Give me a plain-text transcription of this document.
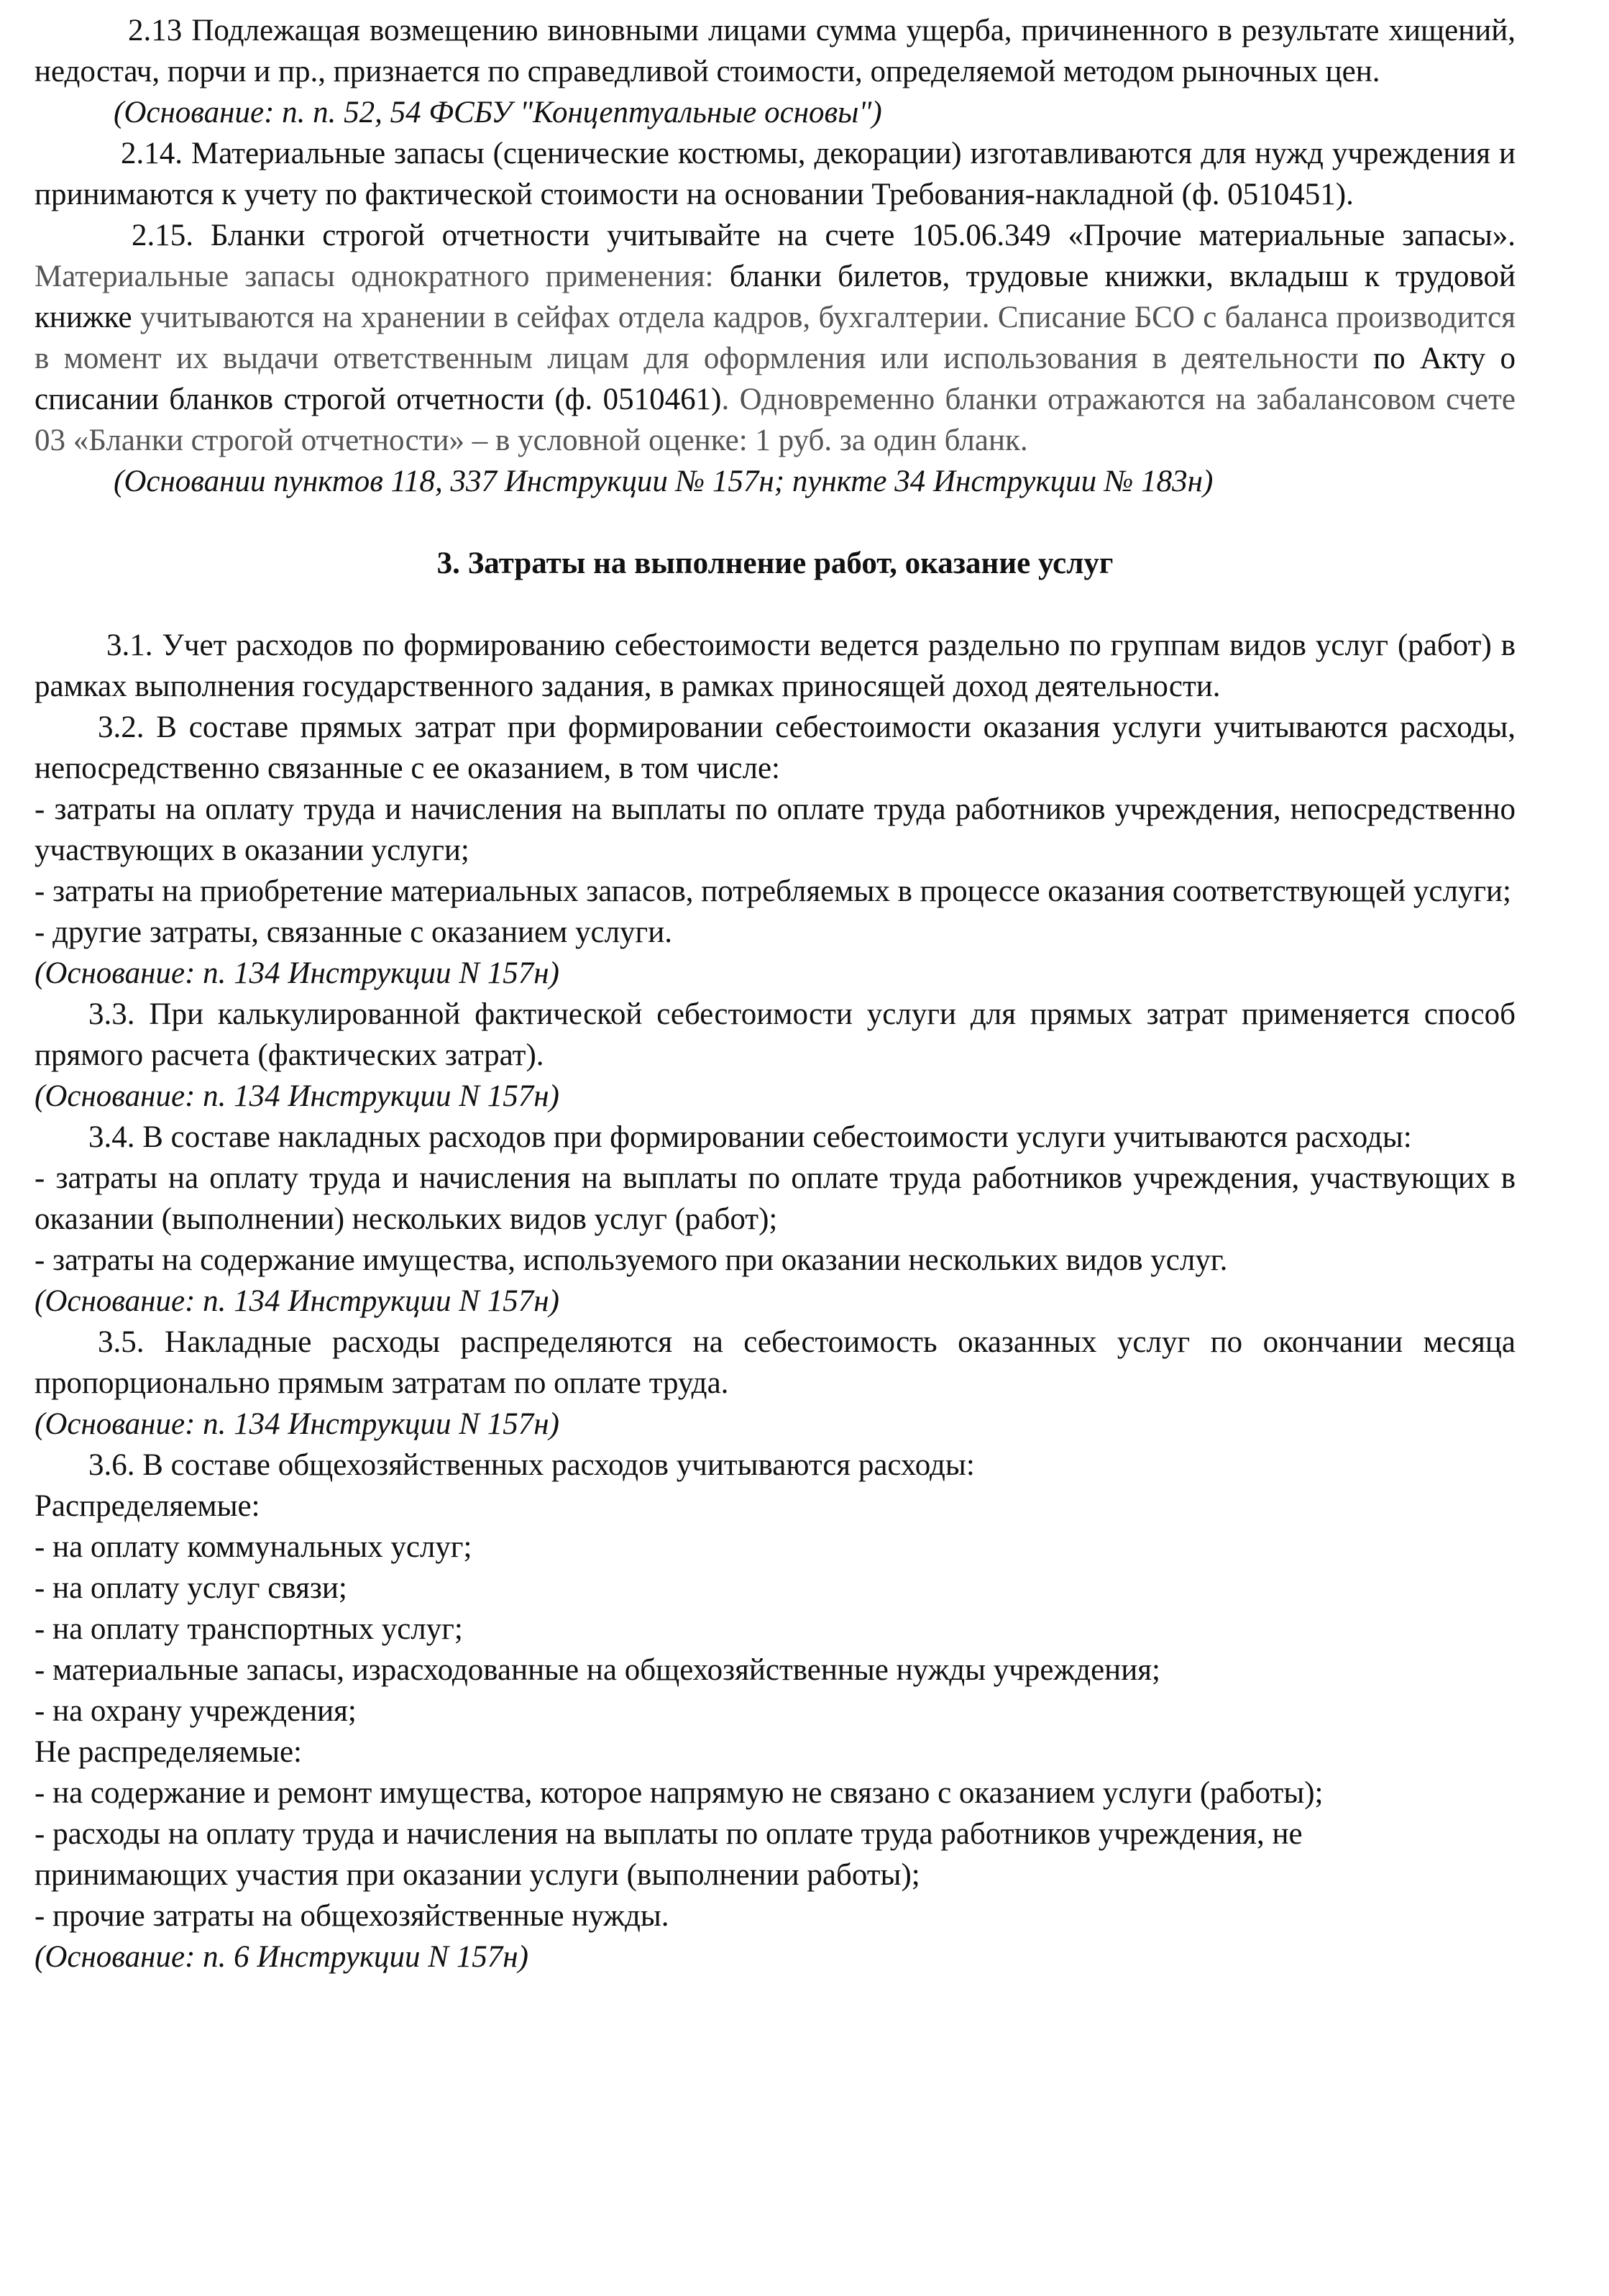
2.13 Подлежащая возмещению виновными лицами сумма ущерба, причиненного в результате хищений, недостач, порчи и пр., признается по справедливой стоимости, определяемой методом рыночных цен.

(Основание: п. п. 52, 54 ФСБУ "Концептуальные основы")

2.14. Материальные запасы (сценические костюмы, декорации) изготавливаются для нужд учреждения и принимаются к учету по фактической стоимости на основании Требования-накладной (ф. 0510451).

2.15. Бланки строгой отчетности учитывайте на счете 105.06.349 «Прочие материальные запасы». Материальные запасы однократного применения: бланки билетов, трудовые книжки, вкладыш к трудовой книжке учитываются на хранении в сейфах отдела кадров, бухгалтерии. Списание БСО с баланса производится в момент их выдачи ответственным лицам для оформления или использования в деятельности по Акту о списании бланков строгой отчетности (ф. 0510461). Одновременно бланки отражаются на забалансовом счете 03 «Бланки строгой отчетности» – в условной оценке: 1 руб. за один бланк.

(Основании пунктов 118, 337 Инструкции № 157н; пункте 34 Инструкции № 183н)

3. Затраты на выполнение работ, оказание услуг

3.1. Учет расходов по формированию себестоимости ведется раздельно по группам видов услуг (работ) в рамках выполнения государственного задания, в рамках приносящей доход деятельности.

3.2. В составе прямых затрат при формировании себестоимости оказания услуги учитываются расходы, непосредственно связанные с ее оказанием, в том числе:

- затраты на оплату труда и начисления на выплаты по оплате труда работников учреждения, непосредственно участвующих в оказании услуги;

- затраты на приобретение материальных запасов, потребляемых в процессе оказания соответствующей услуги;

- другие затраты, связанные с оказанием услуги.

(Основание: п. 134 Инструкции N 157н)

3.3. При калькулированной фактической себестоимости услуги для прямых затрат применяется способ прямого расчета (фактических затрат).

(Основание: п. 134 Инструкции N 157н)

3.4. В составе накладных расходов при формировании себестоимости услуги учитываются расходы:

- затраты на оплату труда и начисления на выплаты по оплате труда работников учреждения, участвующих в оказании (выполнении) нескольких видов услуг (работ);

- затраты на содержание имущества, используемого при оказании нескольких видов услуг.

(Основание: п. 134 Инструкции N 157н)

3.5. Накладные расходы распределяются на себестоимость оказанных услуг по окончании месяца пропорционально прямым затратам по оплате труда.

(Основание: п. 134 Инструкции N 157н)

3.6. В составе общехозяйственных расходов учитываются расходы:

Распределяемые:

- на оплату коммунальных услуг;

- на оплату услуг связи;

- на оплату транспортных услуг;

- материальные запасы, израсходованные на общехозяйственные нужды учреждения;

- на охрану учреждения;

Не распределяемые:

- на содержание и ремонт имущества, которое напрямую не связано с оказанием услуги (работы);

- расходы на оплату труда и начисления на выплаты по оплате труда работников учреждения, не принимающих участия при оказании услуги (выполнении работы);

- прочие затраты на общехозяйственные нужды.

(Основание: п. 6 Инструкции N 157н)
